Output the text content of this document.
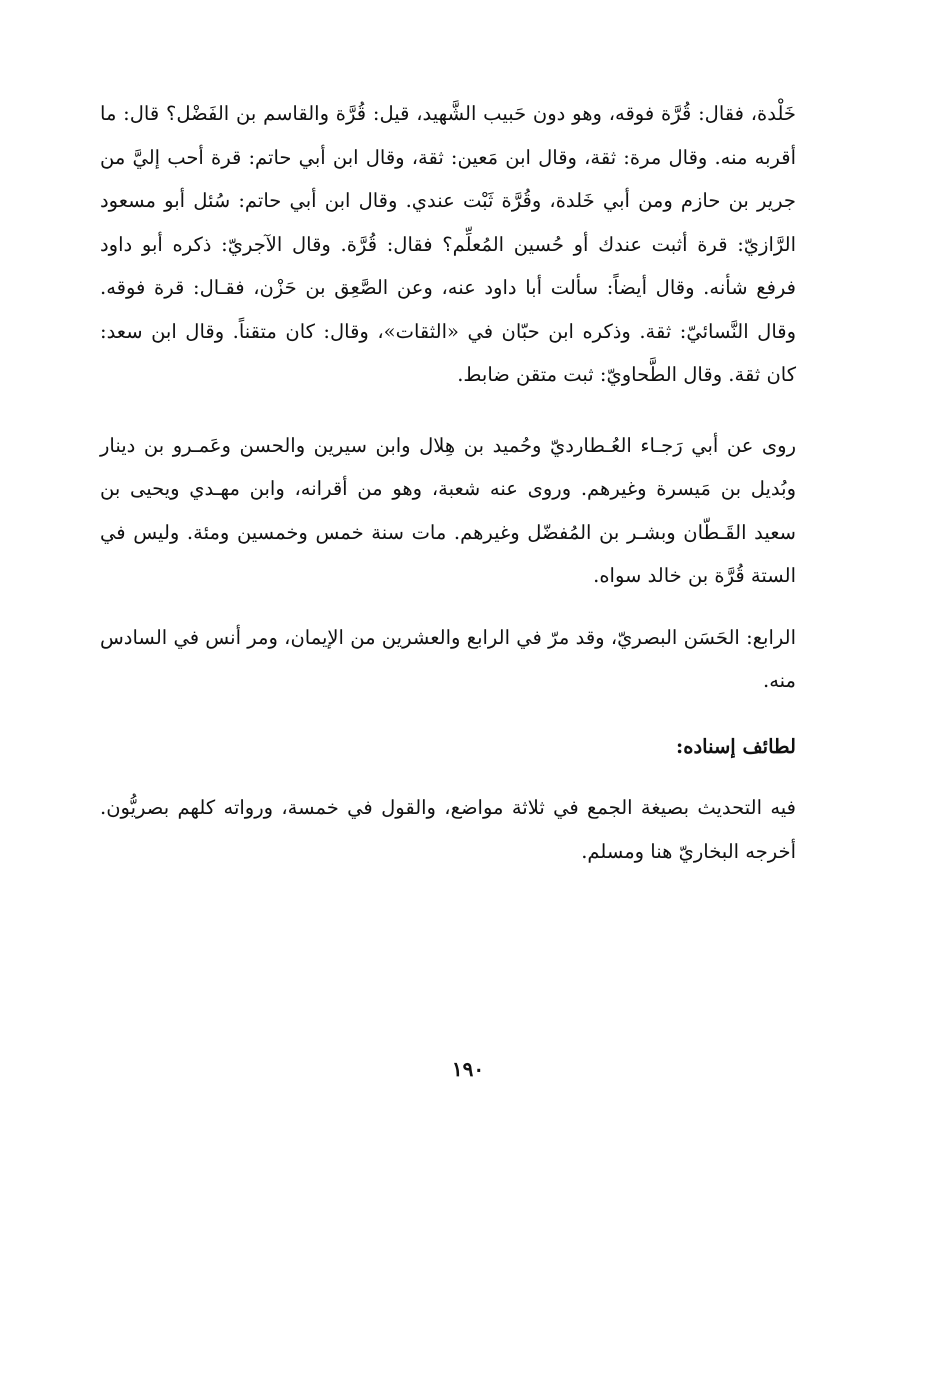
خَلْدة، فقال: قُرَّة فوقه، وهو دون حَبيب الشَّهيد، قيل: قُرَّة والقاسم بن الفَضْل؟ قال: ما أقربه منه. وقال مرة: ثقة، وقال ابن مَعين: ثقة، وقال ابن أبي حاتم: قرة أحب إليَّ من جرير بن حازم ومن أبي خَلدة، وقُرَّة ثَبْت عندي. وقال ابن أبي حاتم: سُئل أبو مسعود الرَّازيّ: قرة أثبت عندك أو حُسين المُعلِّم؟ فقال: قُرَّة. وقال الآجريّ: ذكره أبو داود فرفع شأنه. وقال أيضاً: سألت أبا داود عنه، وعن الصَّعِق بن حَزْن، فقـال: قرة فوقه. وقال النَّسائيّ: ثقة. وذكره ابن حبّان في «الثقات»، وقال: كان متقناً. وقال ابن سعد: كان ثقة. وقال الطَّحاويّ: ثبت متقن ضابط.

روى عن أبي رَجـاء العُـطارديّ وحُميد بن هِلال وابن سيرين والحسن وعَمـرو بن دينار وبُديل بن مَيسرة وغيرهم. وروى عنه شعبة، وهو من أقرانه، وابن مهـدي ويحيى بن سعيد القَـطّان وبشـر بن المُفضّل وغيرهم. مات سنة خمس وخمسين ومئة. وليس في الستة قُرَّة بن خالد سواه.

الرابع: الحَسَن البصريّ، وقد مرّ في الرابع والعشرين من الإيمان، ومر أنس في السادس منه.

لطائف إسناده:

فيه التحديث بصيغة الجمع في ثلاثة مواضع، والقول في خمسة، ورواته كلهم بصريُّون. أخرجه البخاريّ هنا ومسلم.

١٩٠
